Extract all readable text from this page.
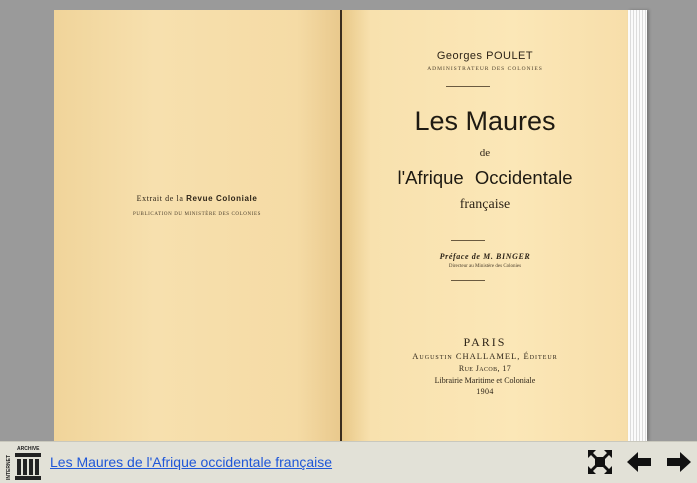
Extrait de la Revue Coloniale
PUBLICATION DU MINISTÈRE DES COLONIES
Georges POULET
ADMINISTRATEUR DES COLONIES
Les Maures
de
l'Afrique Occidentale
française
Préface de M. BINGER
Directeur au Ministère des Colonies
PARIS
Augustin CHALLAMEL, Éditeur
Rue Jacob, 17
Librairie Maritime et Coloniale
1904
INTERNET
ARCHIVE
Les Maures de l'Afrique occidentale française
